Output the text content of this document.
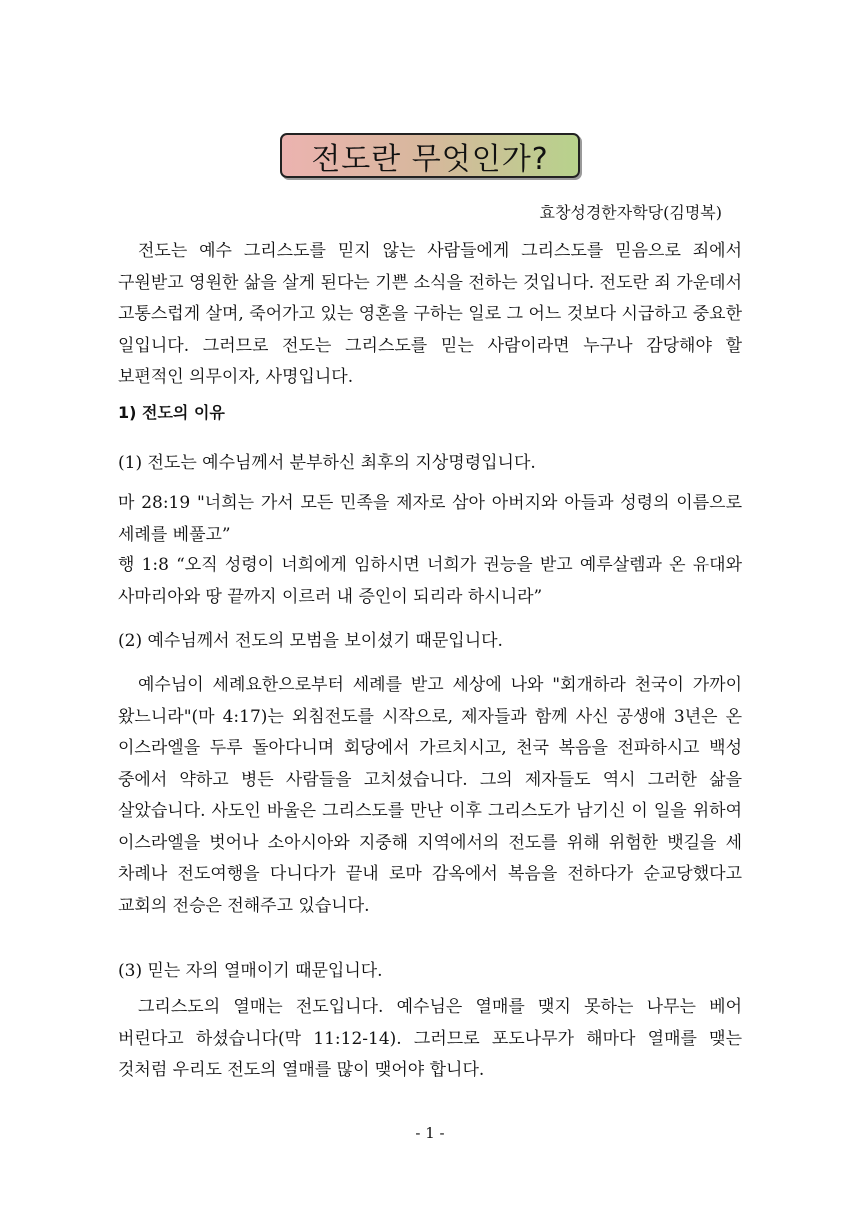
전도란 무엇인가?
효창성경한자학당(김명복)

전도는 예수 그리스도를 믿지 않는 사람들에게 그리스도를 믿음으로 죄에서 구원받고 영원한 삶을 살게 된다는 기쁜 소식을 전하는 것입니다. 전도란 죄 가운데서 고통스럽게 살며, 죽어가고 있는 영혼을 구하는 일로 그 어느 것보다 시급하고 중요한 일입니다. 그러므로 전도는 그리스도를 믿는 사람이라면 누구나 감당해야 할 보편적인 의무이자, 사명입니다.

1) 전도의 이유
(1) 전도는 예수님께서 분부하신 최후의 지상명령입니다.

마 28:19 "너희는 가서 모든 민족을 제자로 삼아 아버지와 아들과 성령의 이름으로 세례를 베풀고”

행 1:8 “오직 성령이 너희에게 임하시면 너희가 권능을 받고 예루살렘과 온 유대와 사마리아와 땅 끝까지 이르러 내 증인이 되리라 하시니라”

(2) 예수님께서 전도의 모범을 보이셨기 때문입니다.

예수님이 세례요한으로부터 세례를 받고 세상에 나와 "회개하라 천국이 가까이 왔느니라"(마 4:17)는 외침전도를 시작으로, 제자들과 함께 사신 공생애 3년은 온 이스라엘을 두루 돌아다니며 회당에서 가르치시고, 천국 복음을 전파하시고 백성 중에서 약하고 병든 사람들을 고치셨습니다. 그의 제자들도 역시 그러한 삶을 살았습니다. 사도인 바울은 그리스도를 만난 이후 그리스도가 남기신 이 일을 위하여 이스라엘을 벗어나 소아시아와 지중해 지역에서의 전도를 위해 위험한 뱃길을 세 차례나 전도여행을 다니다가 끝내 로마 감옥에서 복음을 전하다가 순교당했다고 교회의 전승은 전해주고 있습니다.

(3) 믿는 자의 열매이기 때문입니다.

그리스도의 열매는 전도입니다. 예수님은 열매를 맺지 못하는 나무는 베어 버린다고 하셨습니다(막 11:12-14). 그러므로 포도나무가 해마다 열매를 맺는 것처럼 우리도 전도의 열매를 많이 맺어야 합니다.

- 1 -
